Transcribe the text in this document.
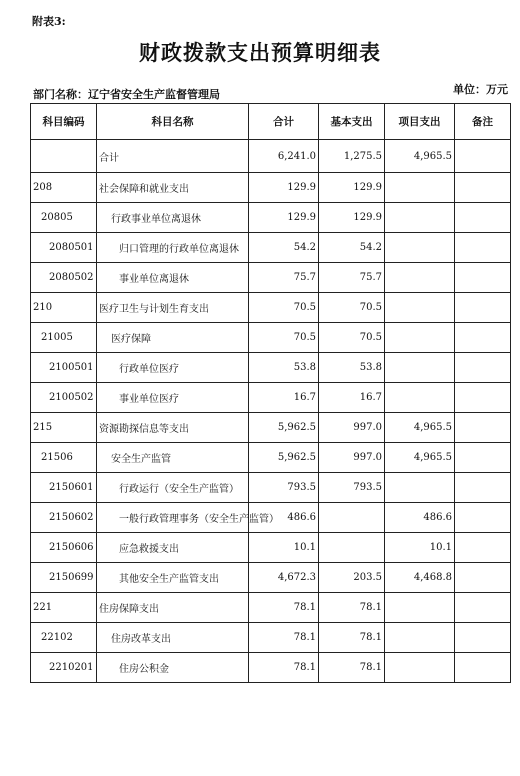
附表3:
财政拨款支出预算明细表
部门名称：辽宁省安全生产监督管理局	单位：万元
科目编码	科目名称	合计	基本支出	项目支出	备注
	合计	6,241.0	1,275.5	4,965.5	
208	社会保障和就业支出	129.9	129.9		
20805	行政事业单位离退休	129.9	129.9		
2080501	归口管理的行政单位离退休	54.2	54.2		
2080502	事业单位离退休	75.7	75.7		
210	医疗卫生与计划生育支出	70.5	70.5		
21005	医疗保障	70.5	70.5		
2100501	行政单位医疗	53.8	53.8		
2100502	事业单位医疗	16.7	16.7		
215	资源勘探信息等支出	5,962.5	997.0	4,965.5	
21506	安全生产监管	5,962.5	997.0	4,965.5	
2150601	行政运行（安全生产监管）	793.5	793.5		
2150602	一般行政管理事务（安全生产监管）	486.6		486.6	
2150606	应急救援支出	10.1		10.1	
2150699	其他安全生产监管支出	4,672.3	203.5	4,468.8	
221	住房保障支出	78.1	78.1		
22102	住房改革支出	78.1	78.1		
2210201	住房公积金	78.1	78.1		
